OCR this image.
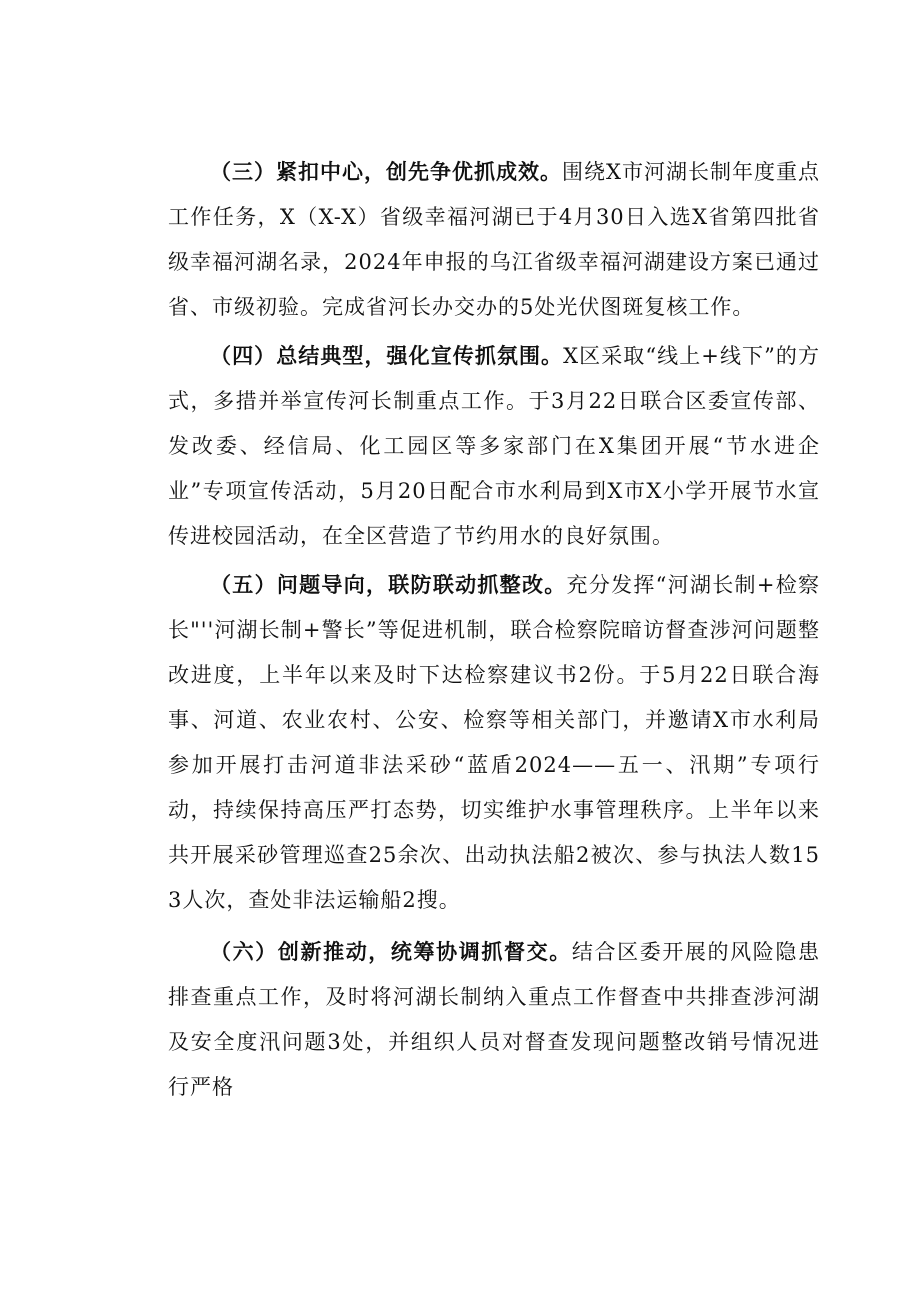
（三）紧扣中心，创先争优抓成效。围绕X市河湖长制年度重点工作任务，X（X-X）省级幸福河湖已于4月30日入选X省第四批省级幸福河湖名录，2024年申报的乌江省级幸福河湖建设方案已通过省、市级初验。完成省河长办交办的5处光伏图斑复核工作。

（四）总结典型，强化宣传抓氛围。X区采取“线上+线下”的方式，多措并举宣传河长制重点工作。于3月22日联合区委宣传部、发改委、经信局、化工园区等多家部门在X集团开展“节水进企业”专项宣传活动，5月20日配合市水利局到X市X小学开展节水宣传进校园活动，在全区营造了节约用水的良好氛围。

（五）问题导向，联防联动抓整改。充分发挥“河湖长制+检察长"''河湖长制+警长”等促进机制，联合检察院暗访督查涉河问题整改进度，上半年以来及时下达检察建议书2份。于5月22日联合海事、河道、农业农村、公安、检察等相关部门，并邀请X市水利局参加开展打击河道非法采砂“蓝盾2024——五一、汛期”专项行动，持续保持高压严打态势，切实维护水事管理秩序。上半年以来共开展采砂管理巡查25余次、出动执法船2被次、参与执法人数153人次，查处非法运输船2搜。

（六）创新推动，统筹协调抓督交。结合区委开展的风险隐患排查重点工作，及时将河湖长制纳入重点工作督查中共排查涉河湖及安全度汛问题3处，并组织人员对督查发现问题整改销号情况进行严格
